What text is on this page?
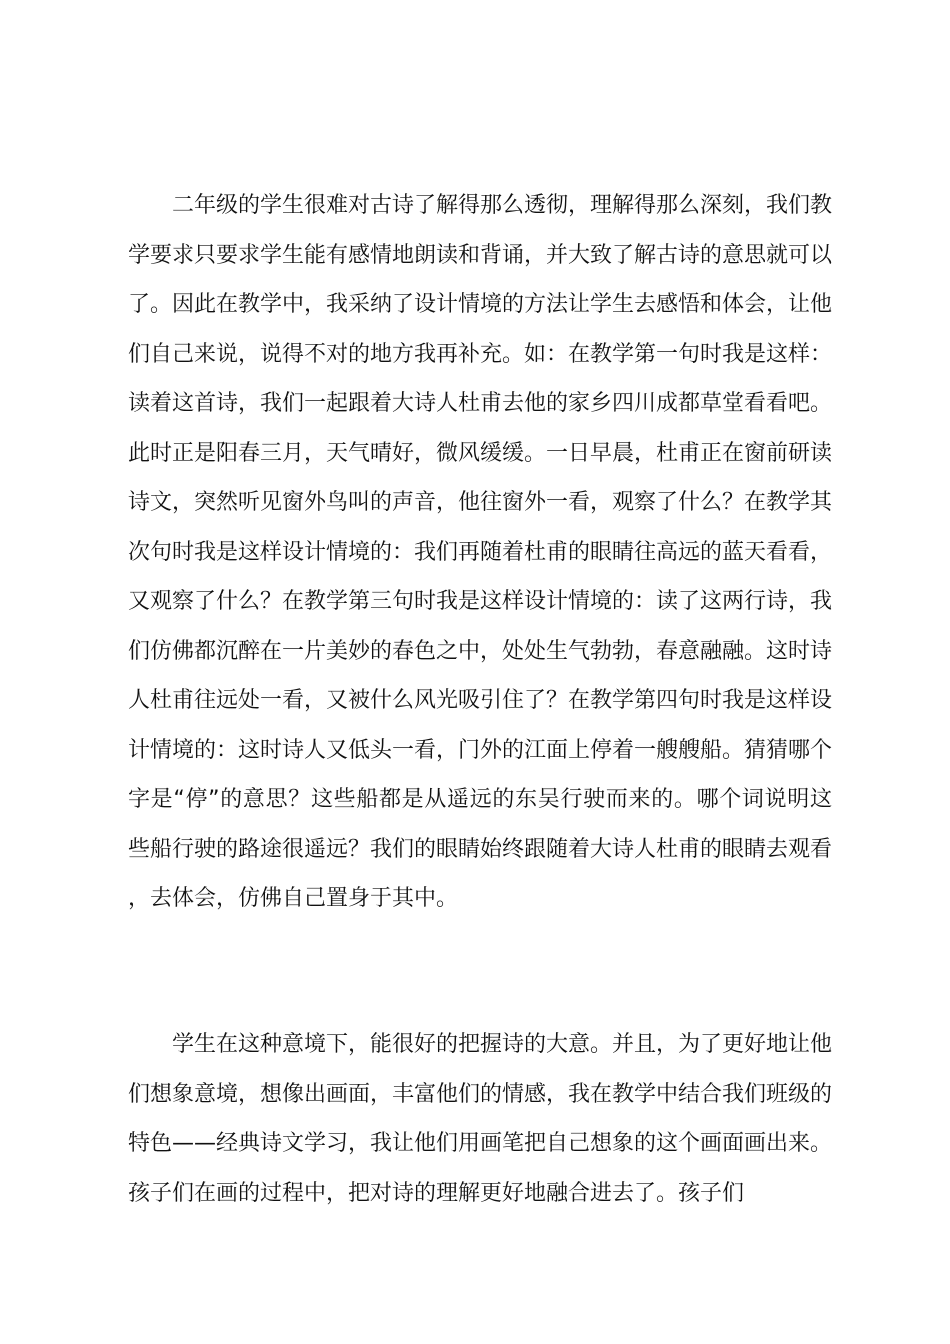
二年级的学生很难对古诗了解得那么透彻，理解得那么深刻，我们教学要求只要求学生能有感情地朗读和背诵，并大致了解古诗的意思就可以了。因此在教学中，我采纳了设计情境的方法让学生去感悟和体会，让他们自己来说，说得不对的地方我再补充。如：在教学第一句时我是这样：读着这首诗，我们一起跟着大诗人杜甫去他的家乡四川成都草堂看看吧。此时正是阳春三月，天气晴好，微风缓缓。一日早晨，杜甫正在窗前研读诗文，突然听见窗外鸟叫的声音，他往窗外一看，观察了什么？在教学其次句时我是这样设计情境的：我们再随着杜甫的眼睛往高远的蓝天看看，又观察了什么？在教学第三句时我是这样设计情境的：读了这两行诗，我们仿佛都沉醉在一片美妙的春色之中，处处生气勃勃，春意融融。这时诗人杜甫往远处一看，又被什么风光吸引住了？在教学第四句时我是这样设计情境的：这时诗人又低头一看，门外的江面上停着一艘艘船。猜猜哪个字是“停”的意思？这些船都是从遥远的东吴行驶而来的。哪个词说明这些船行驶的路途很遥远？我们的眼睛始终跟随着大诗人杜甫的眼睛去观看，去体会，仿佛自己置身于其中。

学生在这种意境下，能很好的把握诗的大意。并且，为了更好地让他们想象意境，想像出画面，丰富他们的情感，我在教学中结合我们班级的特色——经典诗文学习，我让他们用画笔把自己想象的这个画面画出来。孩子们在画的过程中，把对诗的理解更好地融合进去了。孩子们
